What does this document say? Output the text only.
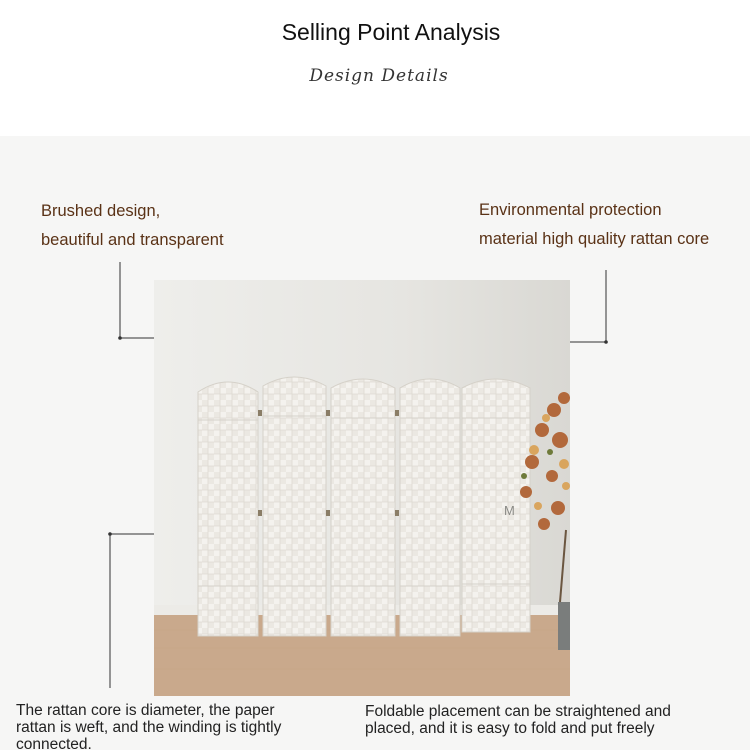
Selling Point Analysis
Design Details
Brushed design,
beautiful and transparent
Environmental protection
material high quality rattan core
M
The rattan core is diameter, the paper
rattan is weft, and the winding is tightly
connected.
Foldable placement can be straightened and
placed, and it is easy to fold and put freely
